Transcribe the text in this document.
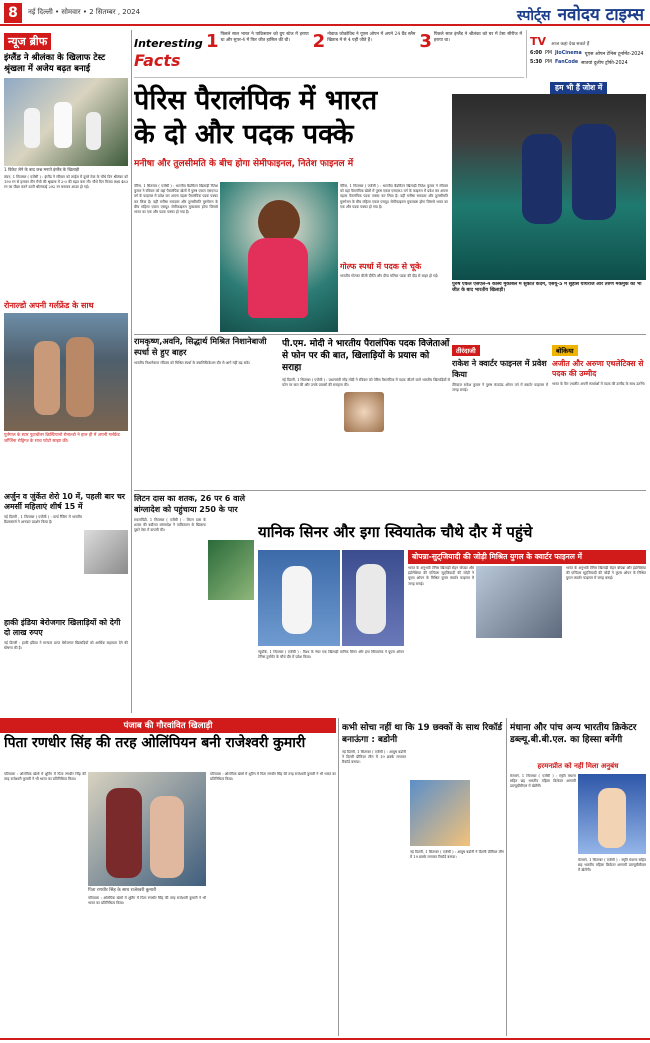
8	नई दिल्ली • सोमवार • 2 सितम्बर , 2024	स्पोर्ट्स नवोदय टाइम्स
न्यूज ब्रीफ
इंग्लैंड ने श्रीलंका के खिलाफ टेस्ट श्रृंखला में अजेय बढ़त बनाई
1 विकेट लेने के बाद जश्न मनाते इंग्लैंड के खिलाड़ी
लंदन, 1 सितम्बर ( एजेंसी ) : इंग्लैंड ने रविवार को लार्ड्स में दूसरे टेस्ट के चौथे दिन श्रीलंका को 190 रन से हराकर तीन मैचों की श्रृंखला में 2-0 की बढ़त बना ली। चौथे दिन विजय लक्ष्य 483 रन का पीछा करने उतरी श्रीलंकाई 292 रन बनाकर आउट हो गई।
रोनाल्डो अपनी गर्लफ्रेंड के साथ
पुर्तगाल के स्टार फुटबॉलर क्रिस्टियानो रोनाल्डो ने हाल ही में अपनी गर्लफ्रेंड जॉर्जिना रोड्रिग्ज के साथ फोटो साझा की।
अर्जुन व जुंकेंत शेरो 10 में, पहली बार चर अमर्सी महिलाएं शीर्ष 15 में
नई दिल्ली , 1 सितम्बर ( एजेंसी ) : वर्ल्ड रैंकिंग में भारतीय ग्रैंडमास्टर्स ने शानदार प्रदर्शन किया है।
हाकी इंडिया बेरोजगार खिलाड़ियों को देगी दो लाख रुपए
नई दिल्ली : हाकी इंडिया ने मान्यता प्राप्त बेरोजगार खिलाड़ियों को आर्थिक सहायता देने की घोषणा की है।
Interesting
Facts
1 पिछले साल भारत ने पाकिस्तान को ग्रुप स्टेज में हराया था और सुपर-4 में फिर जीत हासिल की थी।	2 नोवाक जोकोविच ने यूएस ओपन में अपने 24 ग्रैंड स्लैम खिताब में से 4 यहीं जीते हैं।	3 पिछले साल इंग्लैंड ने श्रीलंका को घर में टेस्ट सीरीज में हराया था।	TV आज कहां देख सकते हैं
6:00 PM JioCinema यूएस ओपन टेनिस टूर्नामेंट-2024
5:30 PM FanCode सातवां दुलीप ट्रॉफी-2024
पेरिस पैरालंपिक में भारत
के दो और पदक पक्के
मनीषा और तुलसीमति के बीच होगा सेमीफाइनल, नितेश फाइनल में
पेरिस, 1 सितम्बर ( एजेंसी ) : भारतीय बैडमिंटन खिलाड़ी नितेश कुमार ने रविवार को यहां पैरालंपिक खेलों में पुरुष एकल एसएल3 वर्ग के फाइनल में प्रवेश कर अपना पहला पैरालंपिक पदक पक्का कर लिया है। वहीं मनीषा रामदास और तुलसीमति मुरुगेसन के बीच महिला एकल एसयू5 सेमीफाइनल मुकाबला होगा जिससे भारत का एक और पदक पक्का हो गया है।
पेरिस, 1 सितम्बर ( एजेंसी ) : भारतीय बैडमिंटन खिलाड़ी नितेश कुमार ने रविवार को यहां पैरालंपिक खेलों में पुरुष एकल एसएल3 वर्ग के फाइनल में प्रवेश कर अपना पहला पैरालंपिक पदक पक्का कर लिया है। वहीं मनीषा रामदास और तुलसीमति मुरुगेसन के बीच महिला एकल एसयू5 सेमीफाइनल मुकाबला होगा जिससे भारत का एक और पदक पक्का हो गया है।
हम भी हैं जोश में
पुरुष एकल एसएल-4 कांस्य मुकाबले में सुकांत कदम, एसयू-5 में सुहास यथिराज और तरुण मकमुक की भी जीत के बाद भारतीय खिलाड़ी।
रामकृष्ण,अवनि, सिद्धार्थ मिश्रित निशानेबाजी स्पर्धा से हुए बाहर
भारतीय निशानेबाज रविवार को मिश्रित स्पर्धा के क्वालिफिकेशन दौर से आगे नहीं बढ़ सके।
गोल्फ स्पर्धा में पदक से चूके
भारतीय गोल्फर बीजी दीप्ति और दीपा मलिक पदक की दौड़ से बाहर हो गईं।
पी.एम. मोदी ने भारतीय पैरालंपिक पदक विजेताओं से फोन पर की बात, खिलाड़ियों के प्रयास को सराहा
नई दिल्ली, 1 सितम्बर ( एजेंसी ) : प्रधानमंत्री नरेंद्र मोदी ने रविवार को पेरिस पैरालंपिक में पदक जीतने वाले भारतीय खिलाड़ियों से फोन पर बात की और उनके प्रयासों की सराहना की।
तीरंदाजी
राकेश ने क्वार्टर फाइनल में प्रवेश किया
तीरंदाज राकेश कुमार ने पुरुष कंपाउंड ओपन वर्ग में क्वार्टर फाइनल में जगह बनाई।
बोकिया
अजीत और अरुणा एथलेटिक्स से पदक की उम्मीद
भारत के पैरा एथलीट अपनी स्पर्धाओं में पदक की उम्मीद के साथ उतरेंगे।
लिटन दास का शतक, 26 पर 6 वाले बांग्लादेश को पहुंचाया 250 के पार
रावलपिंडी, 1 सितम्बर ( एजेंसी ) : लिटन दास के शतक की बदौलत बांग्लादेश ने पाकिस्तान के खिलाफ दूसरे टेस्ट में वापसी की।	यानिक सिनर और इगा स्वियातेक चौथे दौर में पहुंचे
न्यूयॉर्क, 1 सितम्बर ( एजेंसी ) : विश्व के नंबर एक खिलाड़ी यानिक सिनर और इगा स्वियातेक ने यूएस ओपन टेनिस टूर्नामेंट के चौथे दौर में प्रवेश किया।
बोपन्ना-सुट्जियादी की जोड़ी मिश्रित युगल के क्वार्टर फाइनल में
भारत के अनुभवी टेनिस खिलाड़ी रोहन बोपन्ना और इंडोनेशिया की एल्डिला सुट्जियादी की जोड़ी ने यूएस ओपन के मिश्रित युगल क्वार्टर फाइनल में जगह बनाई।
भारत के अनुभवी टेनिस खिलाड़ी रोहन बोपन्ना और इंडोनेशिया की एल्डिला सुट्जियादी की जोड़ी ने यूएस ओपन के मिश्रित युगल क्वार्टर फाइनल में जगह बनाई।
पंजाब की गौरवांवित खिलाड़ी
पिता रणधीर सिंह की तरह ओलिंपियन बनी राजेश्वरी कुमारी
पटियाला : ओलंपिक खेलों में शूटिंग में पिता रणधीर सिंह की तरह राजेश्वरी कुमारी ने भी भारत का प्रतिनिधित्व किया।
पिता रणधीर सिंह के साथ राजेश्वरी कुमारी
पटियाला : ओलंपिक खेलों में शूटिंग में पिता रणधीर सिंह की तरह राजेश्वरी कुमारी ने भी भारत का प्रतिनिधित्व किया।
पटियाला : ओलंपिक खेलों में शूटिंग में पिता रणधीर सिंह की तरह राजेश्वरी कुमारी ने भी भारत का प्रतिनिधित्व किया।
कभी सोचा नहीं था कि 19 छक्कों के साथ रिकॉर्ड बनाऊंगा : बडोनी
नई दिल्ली, 1 सितम्बर ( एजेंसी ) : आयुष बडोनी ने दिल्ली प्रीमियर लीग में 19 छक्के लगाकर रिकॉर्ड बनाया।
नई दिल्ली, 1 सितम्बर ( एजेंसी ) : आयुष बडोनी ने दिल्ली प्रीमियर लीग में 19 छक्के लगाकर रिकॉर्ड बनाया।
मंधाना और पांच अन्य भारतीय क्रिकेटर डब्ल्यू.बी.बी.एल. का हिस्सा बनेंगी
हरमनप्रीत को नहीं मिला अनुबंध
मेलबर्न, 1 सितम्बर ( एजेंसी ) : स्मृति मंधाना सहित छह भारतीय महिला क्रिकेटर आगामी डब्ल्यूबीबीएल में खेलेंगी।
मेलबर्न, 1 सितम्बर ( एजेंसी ) : स्मृति मंधाना सहित छह भारतीय महिला क्रिकेटर आगामी डब्ल्यूबीबीएल में खेलेंगी।
